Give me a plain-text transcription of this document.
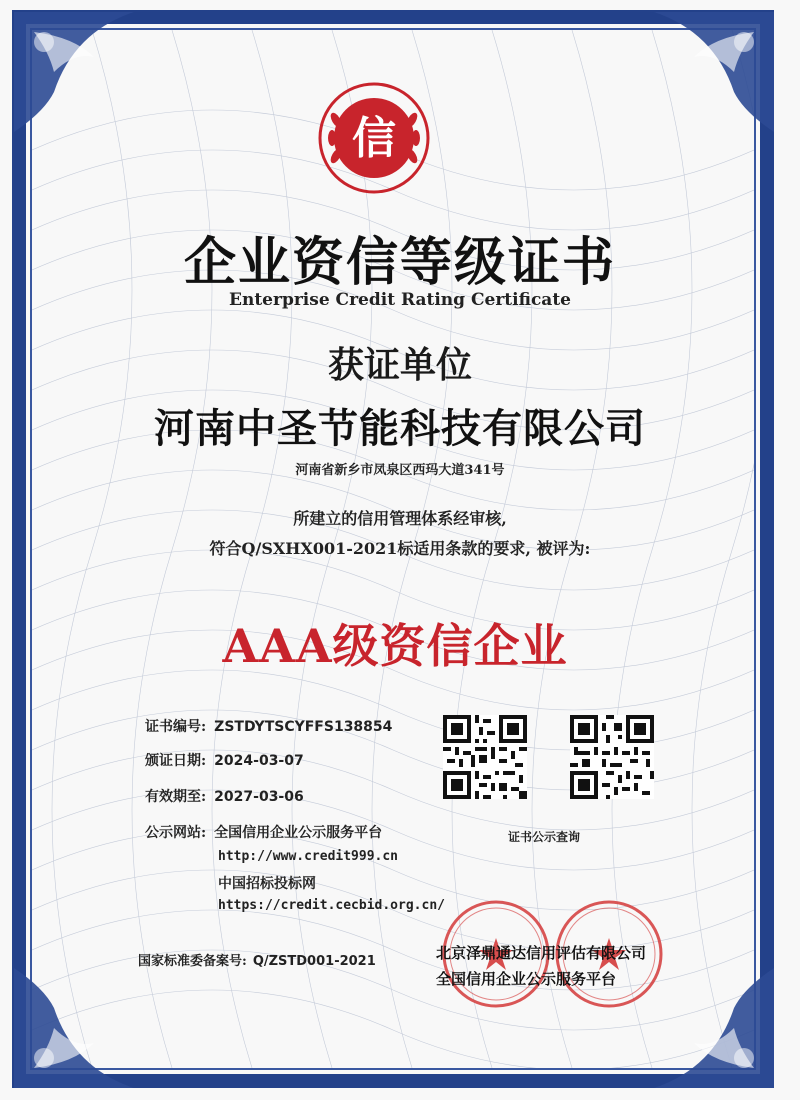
信
企业资信等级证书
Enterprise Credit Rating Certificate
获证单位
河南中圣节能科技有限公司
河南省新乡市凤泉区西玛大道341号
所建立的信用管理体系经审核,
符合Q/SXHX001-2021标适用条款的要求, 被评为:
AAA级资信企业
证书编号: ZSTDYTSCYFFS138854
颁证日期: 2024-03-07
有效期至: 2027-03-06
公示网站: 全国信用企业公示服务平台
http://www.credit999.cn
中国招标投标网
https://credit.cecbid.org.cn/
证书公示查询
国家标准委备案号: Q/ZSTD001-2021	北京泽鼎通达信用评估有限公司
全国信用企业公示服务平台
